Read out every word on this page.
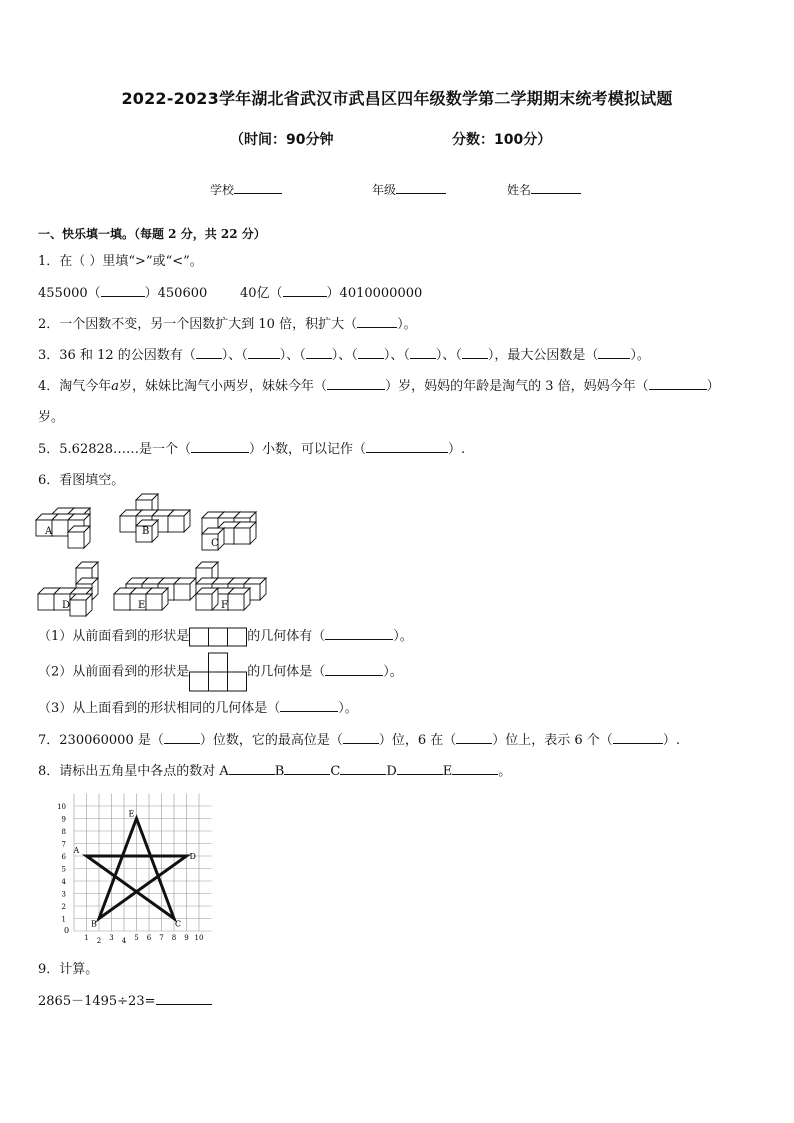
2022-2023学年湖北省武汉市武昌区四年级数学第二学期期末统考模拟试题
（时间：90分钟	分数：100分）
学校	年级	姓名
一、快乐填一填。（每题 2 分，共 22 分）
1．在（ ）里填“>”或“<”。
455000（	）450600	40亿（	）4010000000
2．一个因数不变，另一个因数扩大到 10 倍，积扩大（	）。
3．36 和 12 的公因数有（ ）、（ ）、（ ）、（ ）、（ ）、（ ），最大公因数是（ ）。
4．淘气今年a岁，妹妹比淘气小两岁，妹妹今年（	）岁，妈妈的年龄是淘气的 3 倍，妈妈今年（	）
岁。
5．5.62828……是一个（	）小数，可以记作（	）.
6．看图填空。
A	B
C
D	E	F
（1）从前面看到的形状是	的几何体有（	）。
（2）从前面看到的形状是	的几何体是（	）。
（3）从上面看到的形状相同的几何体是（	）。
7．230060000 是（	）位数，它的最高位是（	）位，6 在（	）位上，表示 6 个（	）.
8．请标出五角星中各点的数对 A	B	C	D	E	。
1
2
3
4
5
6
7
8
9
10
1 2 3 4 5 6 7 8 9 10
0
A
B	C
D
E
9．计算。
2865－1495÷23=
